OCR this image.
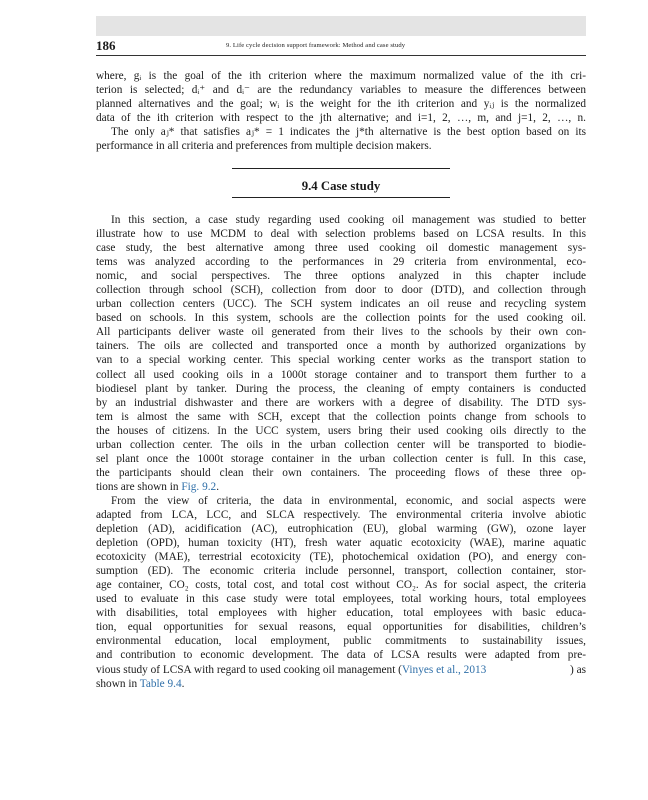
186	9. Life cycle decision support framework: Method and case study
where, gᵢ is the goal of the ith criterion where the maximum normalized value of the ith cri-
terion is selected; dᵢ⁺ and dᵢ⁻ are the redundancy variables to measure the differences between
planned alternatives and the goal; wᵢ is the weight for the ith criterion and yᵢⱼ is the normalized
data of the ith criterion with respect to the jth alternative; and i=1, 2, …, m, and j=1, 2, …, n.
The only aⱼ* that satisfies aⱼ* = 1 indicates the j*th alternative is the best option based on its
performance in all criteria and preferences from multiple decision makers.
9.4 Case study
In this section, a case study regarding used cooking oil management was studied to better
illustrate how to use MCDM to deal with selection problems based on LCSA results. In this
case study, the best alternative among three used cooking oil domestic management sys-
tems was analyzed according to the performances in 29 criteria from environmental, eco-
nomic, and social perspectives. The three options analyzed in this chapter include
collection through school (SCH), collection from door to door (DTD), and collection through
urban collection centers (UCC). The SCH system indicates an oil reuse and recycling system
based on schools. In this system, schools are the collection points for the used cooking oil.
All participants deliver waste oil generated from their lives to the schools by their own con-
tainers. The oils are collected and transported once a month by authorized organizations by
van to a special working center. This special working center works as the transport station to
collect all used cooking oils in a 1000t storage container and to transport them further to a
biodiesel plant by tanker. During the process, the cleaning of empty containers is conducted
by an industrial dishwaster and there are workers with a degree of disability. The DTD sys-
tem is almost the same with SCH, except that the collection points change from schools to
the houses of citizens. In the UCC system, users bring their used cooking oils directly to the
urban collection center. The oils in the urban collection center will be transported to biodie-
sel plant once the 1000t storage container in the urban collection center is full. In this case,
the participants should clean their own containers. The proceeding flows of these three op-
tions are shown in Fig. 9.2.
From the view of criteria, the data in environmental, economic, and social aspects were
adapted from LCA, LCC, and SLCA respectively. The environmental criteria involve abiotic
depletion (AD), acidification (AC), eutrophication (EU), global warming (GW), ozone layer
depletion (OPD), human toxicity (HT), fresh water aquatic ecotoxicity (WAE), marine aquatic
ecotoxicity (MAE), terrestrial ecotoxicity (TE), photochemical oxidation (PO), and energy con-
sumption (ED). The economic criteria include personnel, transport, collection container, stor-
age container, CO₂ costs, total cost, and total cost without CO₂. As for social aspect, the criteria
used to evaluate in this case study were total employees, total working hours, total employees
with disabilities, total employees with higher education, total employees with basic educa-
tion, equal opportunities for sexual reasons, equal opportunities for disabilities, children’s
environmental education, local employment, public commitments to sustainability issues,
and contribution to economic development. The data of LCSA results were adapted from pre-
vious study of LCSA with regard to used cooking oil management (Vinyes et al., 2013	) as
shown in Table 9.4.
